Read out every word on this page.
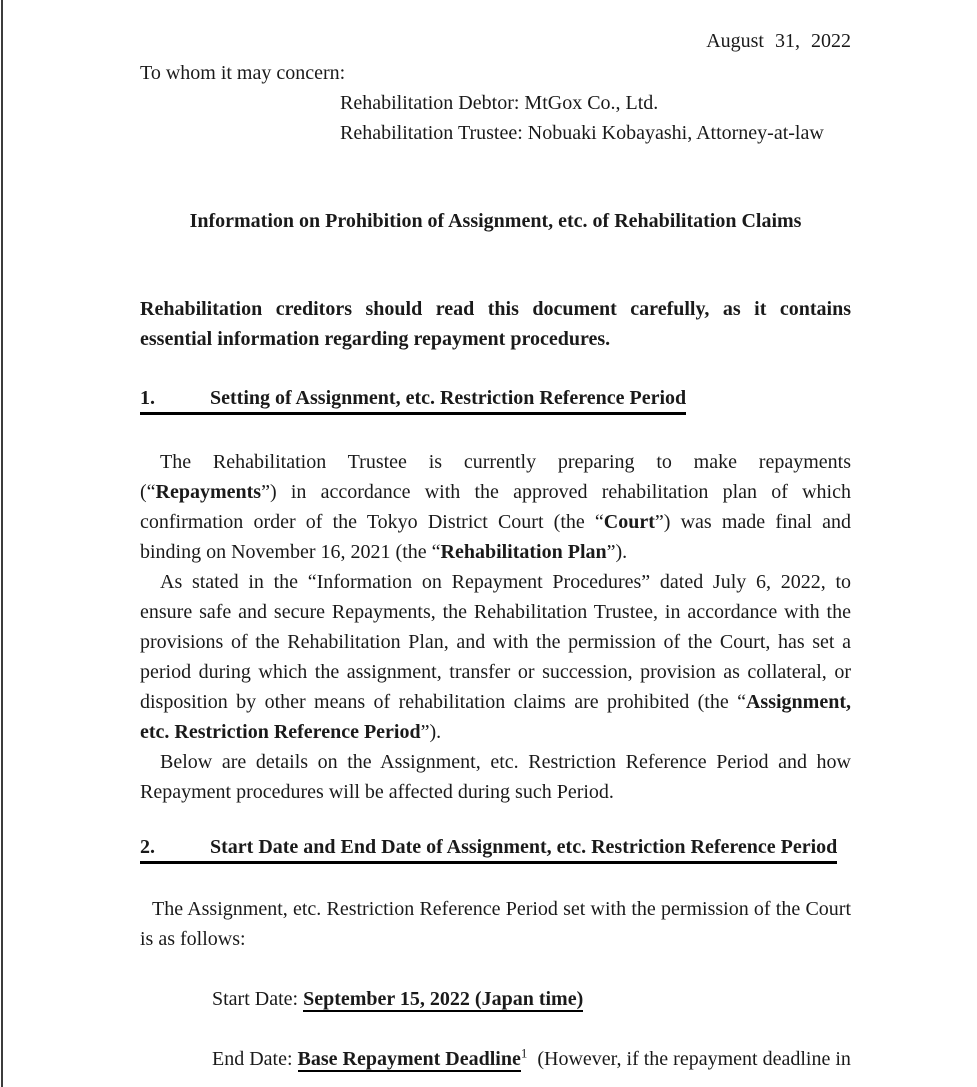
August 31, 2022
To whom it may concern:
Rehabilitation Debtor: MtGox Co., Ltd.
Rehabilitation Trustee: Nobuaki Kobayashi, Attorney-at-law
Information on Prohibition of Assignment, etc. of Rehabilitation Claims

Rehabilitation creditors should read this document carefully, as it contains essential information regarding repayment procedures.

1.	Setting of Assignment, etc. Restriction Reference Period

The Rehabilitation Trustee is currently preparing to make repayments (“Repayments”) in accordance with the approved rehabilitation plan of which confirmation order of the Tokyo District Court (the “Court”) was made final and binding on November 16, 2021 (the “Rehabilitation Plan”).

As stated in the “Information on Repayment Procedures” dated July 6, 2022, to ensure safe and secure Repayments, the Rehabilitation Trustee, in accordance with the provisions of the Rehabilitation Plan, and with the permission of the Court, has set a period during which the assignment, transfer or succession, provision as collateral, or disposition by other means of rehabilitation claims are prohibited (the “Assignment, etc. Restriction Reference Period”).

Below are details on the Assignment, etc. Restriction Reference Period and how Repayment procedures will be affected during such Period.

2.	Start Date and End Date of Assignment, etc. Restriction Reference Period

The Assignment, etc. Restriction Reference Period set with the permission of the Court is as follows:

Start Date: September 15, 2022 (Japan time)
End Date: Base Repayment Deadline$^1$ (However, if the repayment deadline in
